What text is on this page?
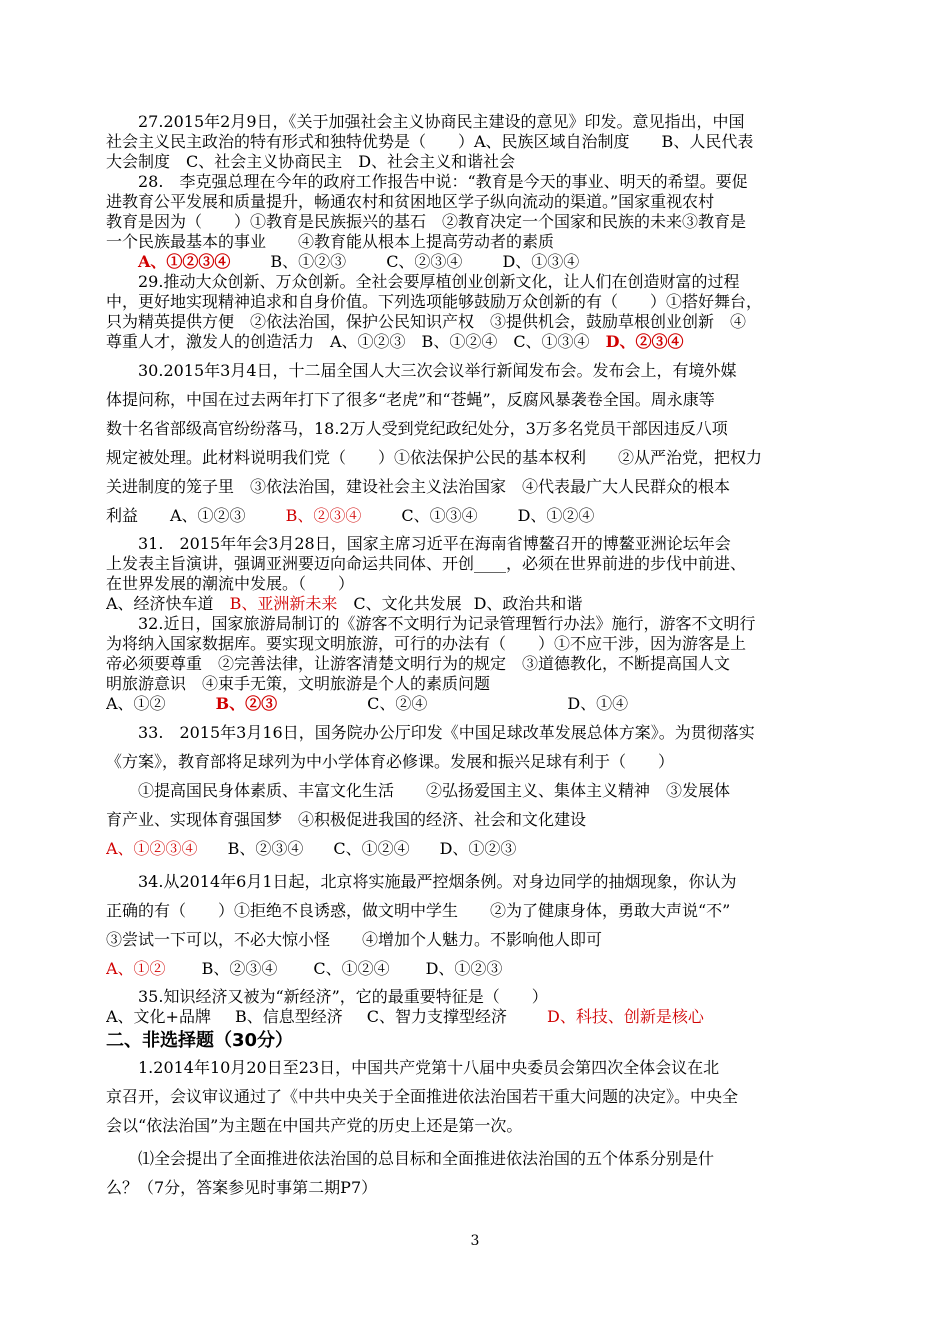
27.2015年2月9日，《关于加强社会主义协商民主建设的意见》印发。意见指出，中国
社会主义民主政治的特有形式和独特优势是（　　）A、民族区域自治制度　　B、人民代表
大会制度　C、社会主义协商民主　D、社会主义和谐社会
28.　李克强总理在今年的政府工作报告中说：“教育是今天的事业、明天的希望。要促
进教育公平发展和质量提升，畅通农村和贫困地区学子纵向流动的渠道。”国家重视农村
教育是因为（　　）①教育是民族振兴的基石　②教育决定一个国家和民族的未来③教育是
一个民族最基本的事业　　④教育能从根本上提高劳动者的素质
A、①②③④	B、①②③	C、②③④	D、①③④
29.推动大众创新、万众创新。全社会要厚植创业创新文化，让人们在创造财富的过程
中，更好地实现精神追求和自身价值。下列选项能够鼓励万众创新的有（　　）①搭好舞台，
只为精英提供方便　②依法治国，保护公民知识产权　③提供机会，鼓励草根创业创新　④
尊重人才，激发人的创造活力　A、①②③　B、①②④　C、①③④　 D、②③④
30.2015年3月4日，十二届全国人大三次会议举行新闻发布会。发布会上，有境外媒
体提问称，中国在过去两年打下了很多“老虎”和“苍蝇”，反腐风暴袭卷全国。周永康等
数十名省部级高官纷纷落马，18.2万人受到党纪政纪处分，3万多名党员干部因违反八项
规定被处理。此材料说明我们党（　　）①依法保护公民的基本权利　　②从严治党，把权力
关进制度的笼子里　③依法治国，建设社会主义法治国家　④代表最广大人民群众的根本
利益　　A、①②③	B、②③④	C、①③④	D、①②④
31.　2015年年会3月28日，国家主席习近平在海南省博鳌召开的博鳌亚洲论坛年会
上发表主旨演讲，强调亚洲要迈向命运共同体、开创____，必须在世界前进的步伐中前进、
在世界发展的潮流中发展。（　　）
A、经济快车道 B、亚洲新未来 C、文化共发展 D、政治共和谐
32.近日，国家旅游局制订的《游客不文明行为记录管理暂行办法》施行，游客不文明行
为将纳入国家数据库。要实现文明旅游，可行的办法有（　　）①不应干涉，因为游客是上
帝必须要尊重　②完善法律，让游客清楚文明行为的规定　③道德教化，不断提高国人文
明旅游意识　④束手无策，文明旅游是个人的素质问题
A、①②	B、②③	C、②④	D、①④
33.　2015年3月16日，国务院办公厅印发《中国足球改革发展总体方案》。为贯彻落实
《方案》，教育部将足球列为中小学体育必修课。发展和振兴足球有利于（　　）
①提高国民身体素质、丰富文化生活　　②弘扬爱国主义、集体主义精神　③发展体
育产业、实现体育强国梦　④积极促进我国的经济、社会和文化建设
A、①②③④ B、②③④ C、①②④ D、①②③
34.从2014年6月1日起，北京将实施最严控烟条例。对身边同学的抽烟现象，你认为
正确的有（　　）①拒绝不良诱惑，做文明中学生　　②为了健康身体，勇敢大声说“不”
③尝试一下可以，不必大惊小怪　　④增加个人魅力。不影响他人即可
A、①② B、②③④ C、①②④ D、①②③
35.知识经济又被为“新经济”，它的最重要特征是（　　）
A、文化+品牌 B、信息型经济 C、智力支撑型经济	D、科技、创新是核心
二、非选择题（30分）
1.2014年10月20日至23日，中国共产党第十八届中央委员会第四次全体会议在北
京召开，会议审议通过了《中共中央关于全面推进依法治国若干重大问题的决定》。中央全
会以“依法治国”为主题在中国共产党的历史上还是第一次。
⑴全会提出了全面推进依法治国的总目标和全面推进依法治国的五个体系分别是什
么？（7分，答案参见时事第二期P7）
3
